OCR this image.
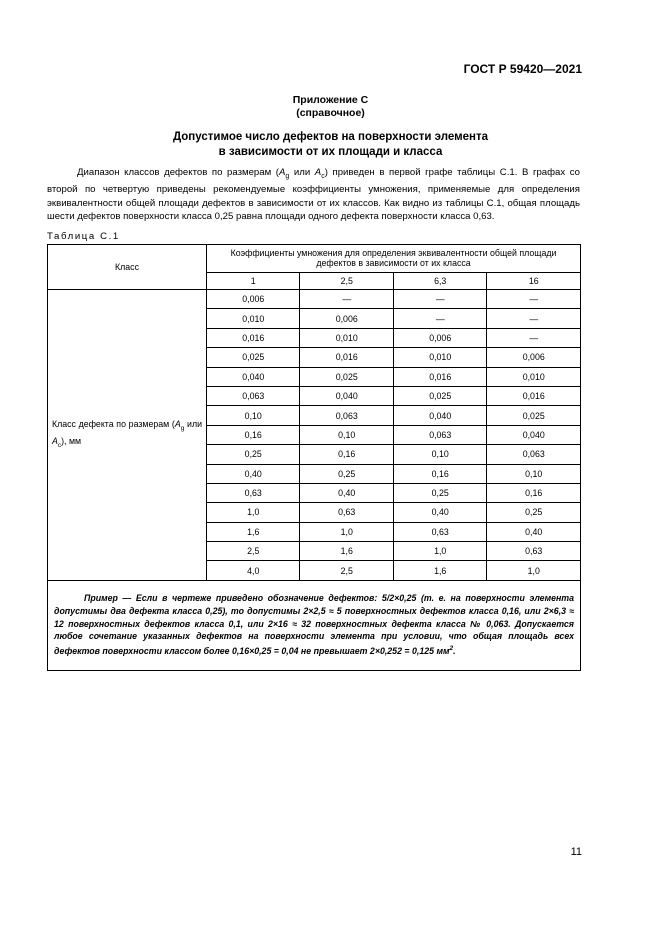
ГОСТ Р 59420—2021
Приложение С
(справочное)
Допустимое число дефектов на поверхности элемента
в зависимости от их площади и класса
Диапазон классов дефектов по размерам ($A_g$ или $A_c$) приведен в первой графе таблицы С.1. В графах со второй по четвертую приведены рекомендуемые коэффициенты умножения, применяемые для определения эквивалентности общей площади дефектов в зависимости от их классов. Как видно из таблицы С.1, общая площадь шести дефектов поверхности класса 0,25 равна площади одного дефекта поверхности класса 0,63.
Таблица С.1
Класс	Коэффициенты умножения для определения эквивалентности общей площади дефектов в зависимости от их класса			
	1	2,5	6,3	16
Класс дефекта по размерам ($A_g$ или $A_c$), мм	0,006	—	—	—
	0,010	0,006	—	—
	0,016	0,010	0,006	—
	0,025	0,016	0,010	0,006
	0,040	0,025	0,016	0,010
	0,063	0,040	0,025	0,016
	0,10	0,063	0,040	0,025
	0,16	0,10	0,063	0,040
	0,25	0,16	0,10	0,063
	0,40	0,25	0,16	0,10
	0,63	0,40	0,25	0,16
	1,0	0,63	0,40	0,25
	1,6	1,0	0,63	0,40
	2,5	1,6	1,0	0,63
	4,0	2,5	1,6	1,0
Пример — Если в чертеже приведено обозначение дефектов: 5/2×0,25 (т. е. на поверхности элемента допустимы два дефекта класса 0,25), то допустимы 2×2,5 ≈ 5 поверхностных дефектов класса 0,16, или 2×6,3 ≈ 12 поверхностных дефектов класса 0,1, или 2×16 ≈ 32 поверхностных дефекта класса № 0,063. Допускается любое сочетание указанных дефектов на поверхности элемента при условии, что общая площадь всех дефектов поверхности классом более 0,16×0,25 = 0,04 не превышает 2×0,252 = 0,125 $мм^2$.				
11
